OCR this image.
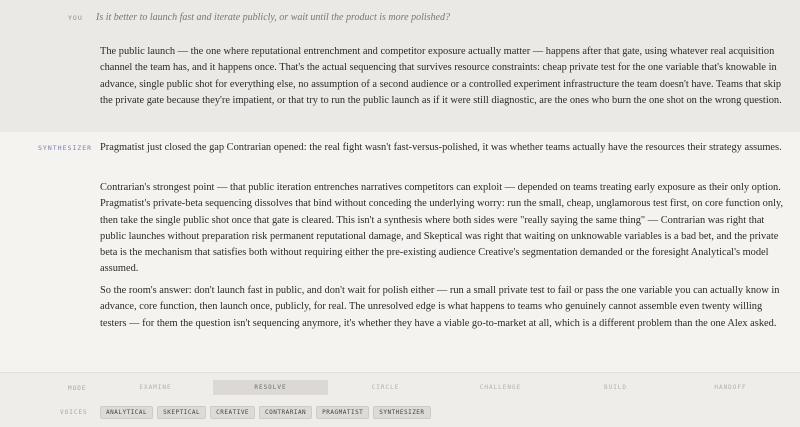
YOU Is it better to launch fast and iterate publicly, or wait until the product is more polished?

The public launch — the one where reputational entrenchment and competitor exposure actually matter — happens after that gate, using whatever real acquisition channel the team has, and it happens once. That's the actual sequencing that survives resource constraints: cheap private test for the one variable that's knowable in advance, single public shot for everything else, no assumption of a second audience or a controlled experiment infrastructure the team doesn't have. Teams that skip the private gate because they're impatient, or that try to run the public launch as if it were still diagnostic, are the ones who burn the one shot on the wrong question.

SYNTHESIZER Pragmatist just closed the gap Contrarian opened: the real fight wasn't fast-versus-polished, it was whether teams actually have the resources their strategy assumes.

Contrarian's strongest point — that public iteration entrenches narratives competitors can exploit — depended on teams treating early exposure as their only option. Pragmatist's private-beta sequencing dissolves that bind without conceding the underlying worry: run the small, cheap, unglamorous test first, on core function only, then take the single public shot once that gate is cleared. This isn't a synthesis where both sides were "really saying the same thing" — Contrarian was right that public launches without preparation risk permanent reputational damage, and Skeptical was right that waiting on unknowable variables is a bad bet, and the private beta is the mechanism that satisfies both without requiring either the pre-existing audience Creative's segmentation demanded or the foresight Analytical's model assumed.

So the room's answer: don't launch fast in public, and don't wait for polish either — run a small private test to fail or pass the one variable you can actually know in advance, core function, then launch once, publicly, for real. The unresolved edge is what happens to teams who genuinely cannot assemble even twenty willing testers — for them the question isn't sequencing anymore, it's whether they have a viable go-to-market at all, which is a different problem than the one Alex asked.

MODE	EXAMINE	RESOLVE	CIRCLE	CHALLENGE	BUILD	HANDOFF
VOICES	ANALYTICAL	SKEPTICAL	CREATIVE	CONTRARIAN	PRAGMATIST	SYNTHESIZER
